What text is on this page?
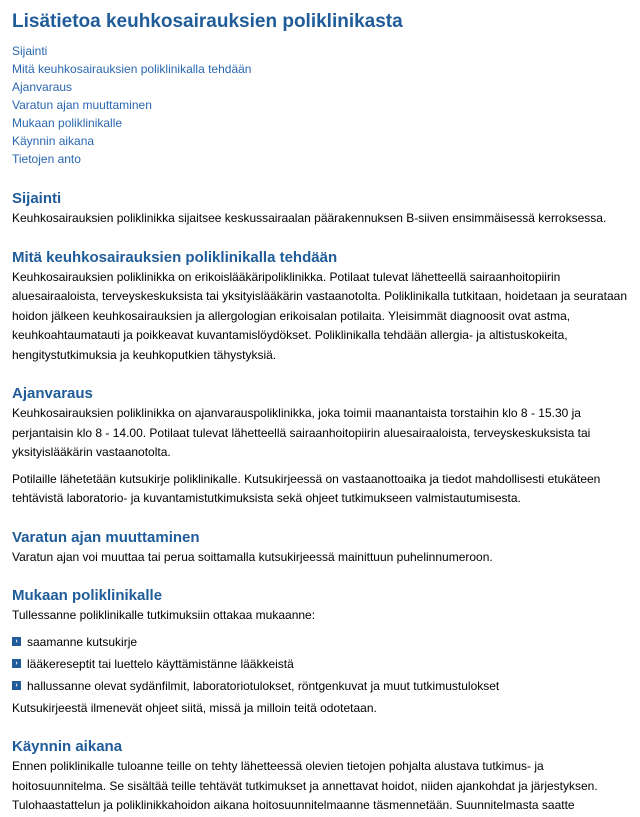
Lisätietoa keuhkosairauksien poliklinikasta
Sijainti
Mitä keuhkosairauksien poliklinikalla tehdään
Ajanvaraus
Varatun ajan muuttaminen
Mukaan poliklinikalle
Käynnin aikana
Tietojen anto
Sijainti

Keuhkosairauksien poliklinikka sijaitsee keskussairaalan päärakennuksen B-siiven ensimmäisessä kerroksessa.

Mitä keuhkosairauksien poliklinikalla tehdään

Keuhkosairauksien poliklinikka on erikoislääkäripoliklinikka. Potilaat tulevat lähetteellä sairaanhoitopiirin aluesairaaloista, terveyskeskuksista tai yksityislääkärin vastaanotolta. Poliklinikalla tutkitaan, hoidetaan ja seurataan hoidon jälkeen keuhkosairauksien ja allergologian erikoisalan potilaita. Yleisimmät diagnoosit ovat astma, keuhkoahtaumatauti ja poikkeavat kuvantamislöydökset. Poliklinikalla tehdään allergia- ja altistuskokeita, hengitystutkimuksia ja keuhkoputkien tähystyksiä.

Ajanvaraus

Keuhkosairauksien poliklinikka on ajanvarauspoliklinikka, joka toimii maanantaista torstaihin klo 8 - 15.30 ja perjantaisin klo 8 - 14.00. Potilaat tulevat lähetteellä sairaanhoitopiirin aluesairaaloista, terveyskeskuksista tai yksityislääkärin vastaanotolta.

Potilaille lähetetään kutsukirje poliklinikalle. Kutsukirjeessä on vastaanottoaika ja tiedot mahdollisesti etukäteen tehtävistä laboratorio- ja kuvantamistutkimuksista sekä ohjeet tutkimukseen valmistautumisesta.

Varatun ajan muuttaminen

Varatun ajan voi muuttaa tai perua soittamalla kutsukirjeessä mainittuun puhelinnumeroon.

Mukaan poliklinikalle

Tullessanne poliklinikalle tutkimuksiin ottakaa mukaanne:

› saamanne kutsukirje
› lääkereseptit tai luettelo käyttämistänne lääkkeistä
› hallussanne olevat sydänfilmit, laboratoriotulokset, röntgenkuvat ja muut tutkimustulokset

Kutsukirjeestä ilmenevät ohjeet siitä, missä ja milloin teitä odotetaan.

Käynnin aikana

Ennen poliklinikalle tuloanne teille on tehty lähetteessä olevien tietojen pohjalta alustava tutkimus- ja hoitosuunnitelma. Se sisältää teille tehtävät tutkimukset ja annettavat hoidot, niiden ajankohdat ja järjestyksen. Tulohaastattelun ja poliklinikkahoidon aikana hoitosuunnitelmaanne täsmennetään. Suunnitelmasta saatte
